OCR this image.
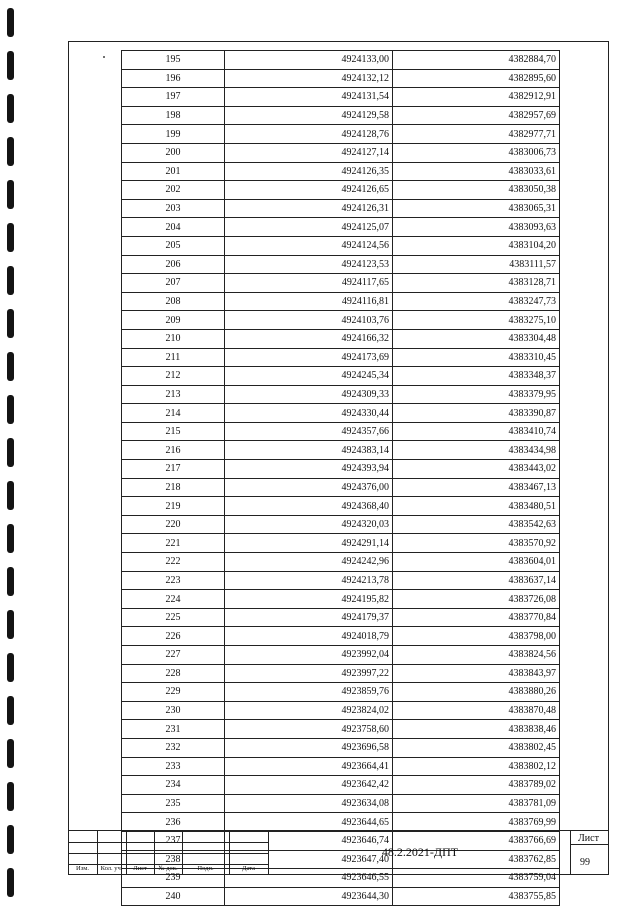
195	4924133,00	4382884,70
196	4924132,12	4382895,60
197	4924131,54	4382912,91
198	4924129,58	4382957,69
199	4924128,76	4382977,71
200	4924127,14	4383006,73
201	4924126,35	4383033,61
202	4924126,65	4383050,38
203	4924126,31	4383065,31
204	4924125,07	4383093,63
205	4924124,56	4383104,20
206	4924123,53	4383111,57
207	4924117,65	4383128,71
208	4924116,81	4383247,73
209	4924103,76	4383275,10
210	4924166,32	4383304,48
211	4924173,69	4383310,45
212	4924245,34	4383348,37
213	4924309,33	4383379,95
214	4924330,44	4383390,87
215	4924357,66	4383410,74
216	4924383,14	4383434,98
217	4924393,94	4383443,02
218	4924376,00	4383467,13
219	4924368,40	4383480,51
220	4924320,03	4383542,63
221	4924291,14	4383570,92
222	4924242,96	4383604,01
223	4924213,78	4383637,14
224	4924195,82	4383726,08
225	4924179,37	4383770,84
226	4924018,79	4383798,00
227	4923992,04	4383824,56
228	4923997,22	4383843,97
229	4923859,76	4383880,26
230	4923824,02	4383870,48
231	4923758,60	4383838,46
232	4923696,58	4383802,45
233	4923664,41	4383802,12
234	4923642,42	4383789,02
235	4923634,08	4383781,09
236	4923644,65	4383769,99
237	4923646,74	4383766,69
238	4923647,40	4383762,85
239	4923646,55	4383759,04
240	4923644,30	4383755,85
Изм.	Кол. уч.	Лист	№ док.	Подп.	Дата
48.2.2021-ДПТ
Лист
99
